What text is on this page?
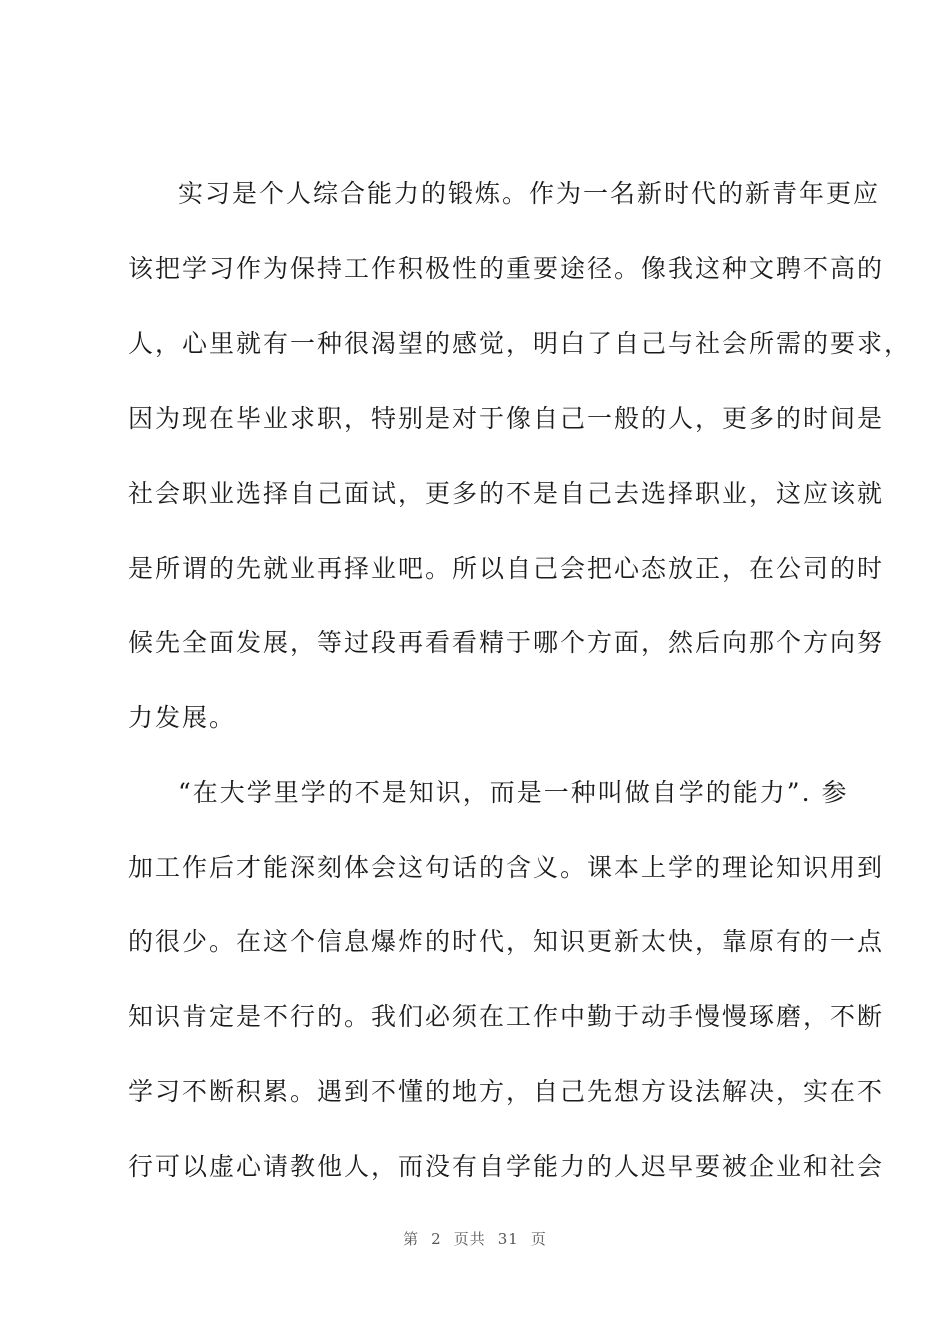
实习是个人综合能力的锻炼。作为一名新时代的新青年更应
该把学习作为保持工作积极性的重要途径。像我这种文聘不高的
人，心里就有一种很渴望的感觉，明白了自己与社会所需的要求，
因为现在毕业求职，特别是对于像自己一般的人，更多的时间是
社会职业选择自己面试，更多的不是自己去选择职业，这应该就
是所谓的先就业再择业吧。所以自己会把心态放正，在公司的时
候先全面发展，等过段再看看精于哪个方面，然后向那个方向努
力发展。
“在大学里学的不是知识，而是一种叫做自学的能力”. 参
加工作后才能深刻体会这句话的含义。课本上学的理论知识用到
的很少。在这个信息爆炸的时代，知识更新太快，靠原有的一点
知识肯定是不行的。我们必须在工作中勤于动手慢慢琢磨，不断
学习不断积累。遇到不懂的地方，自己先想方设法解决，实在不
行可以虚心请教他人，而没有自学能力的人迟早要被企业和社会
第 2 页共 31 页
